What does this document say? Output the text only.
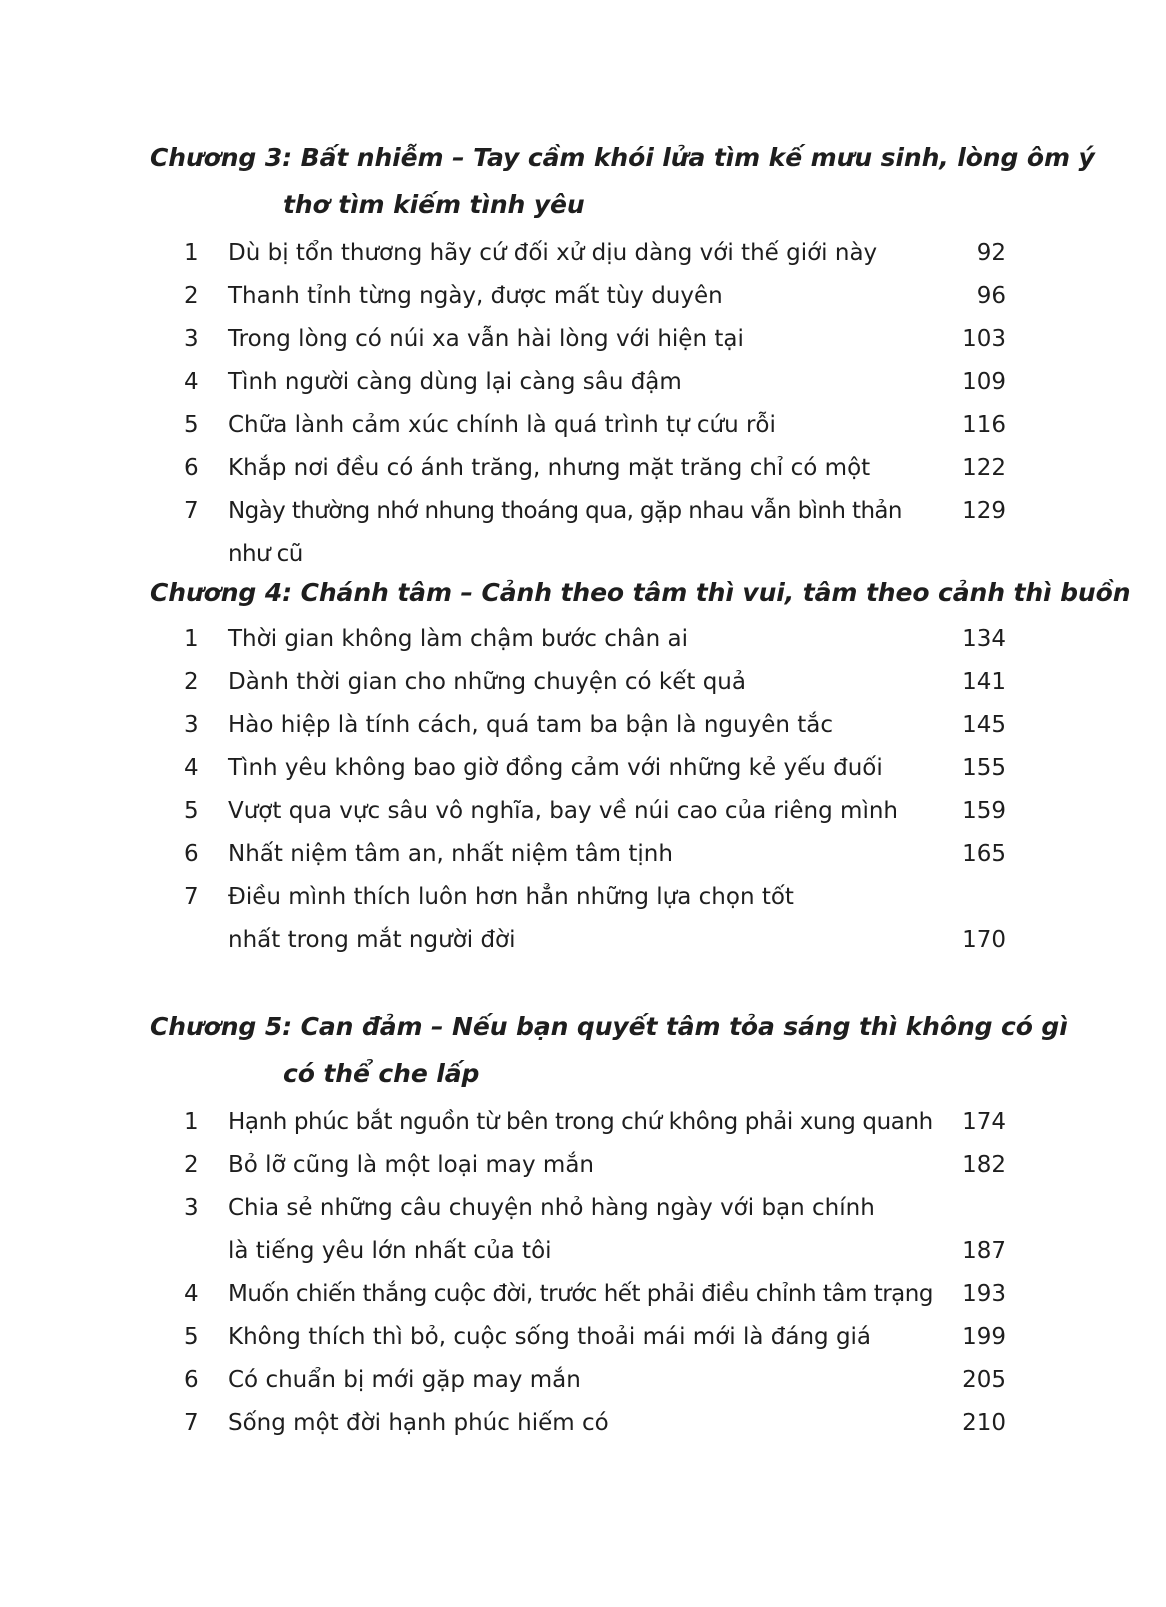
Chương 3: Bất nhiễm – Tay cầm khói lửa tìm kế mưu sinh, lòng ôm ý
thơ tìm kiếm tình yêu
1 Dù bị tổn thương hãy cứ đối xử dịu dàng với thế giới này	92
2 Thanh tỉnh từng ngày, được mất tùy duyên	96
3 Trong lòng có núi xa vẫn hài lòng với hiện tại	103
4 Tình người càng dùng lại càng sâu đậm	109
5 Chữa lành cảm xúc chính là quá trình tự cứu rỗi	116
6 Khắp nơi đều có ánh trăng, nhưng mặt trăng chỉ có một	122
7 Ngày thường nhớ nhung thoáng qua, gặp nhau vẫn bình thản như cũ
129
Chương 4: Chánh tâm – Cảnh theo tâm thì vui, tâm theo cảnh thì buồn
1 Thời gian không làm chậm bước chân ai	134
2 Dành thời gian cho những chuyện có kết quả	141
3 Hào hiệp là tính cách, quá tam ba bận là nguyên tắc	145
4 Tình yêu không bao giờ đồng cảm với những kẻ yếu đuối	155
5 Vượt qua vực sâu vô nghĩa, bay về núi cao của riêng mình	159
6 Nhất niệm tâm an, nhất niệm tâm tịnh	165
7 Điều mình thích luôn hơn hẳn những lựa chọn tốt nhất trong mắt người đời	170
Chương 5: Can đảm – Nếu bạn quyết tâm tỏa sáng thì không có gì
có thể che lấp
1 Hạnh phúc bắt nguồn từ bên trong chứ không phải xung quanh	174
2 Bỏ lỡ cũng là một loại may mắn	182
3 Chia sẻ những câu chuyện nhỏ hàng ngày với bạn chính là tiếng yêu lớn nhất của tôi	187
4 Muốn chiến thắng cuộc đời, trước hết phải điều chỉnh tâm trạng	193
5 Không thích thì bỏ, cuộc sống thoải mái mới là đáng giá	199
6 Có chuẩn bị mới gặp may mắn	205
7 Sống một đời hạnh phúc hiếm có	210
